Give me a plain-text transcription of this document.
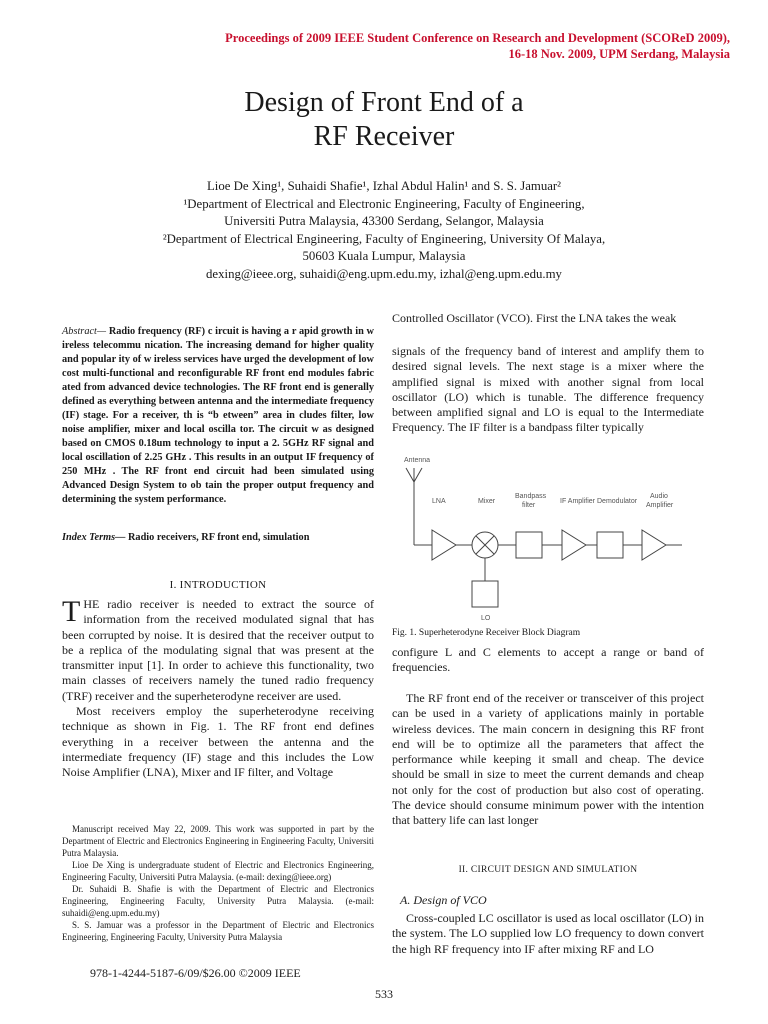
Proceedings of 2009 IEEE Student Conference on Research and Development (SCOReD 2009),
16-18 Nov. 2009, UPM Serdang, Malaysia
Design of Front End of a
RF Receiver
Lioe De Xing¹, Suhaidi Shafie¹, Izhal Abdul Halin¹ and S. S. Jamuar²
¹Department of Electrical and Electronic Engineering, Faculty of Engineering,
Universiti Putra Malaysia, 43300 Serdang, Selangor, Malaysia
²Department of Electrical Engineering, Faculty of Engineering, University Of Malaya,
50603 Kuala Lumpur, Malaysia
dexing@ieee.org, suhaidi@eng.upm.edu.my, izhal@eng.upm.edu.my
Abstract— Radio frequency (RF) c ircuit is having a r apid growth in w ireless telecommu nication. The increasing demand for higher quality and popular ity of w ireless services have urged the development of low cost multi-functional and reconfigurable RF front end modules fabric ated from advanced device technologies. The RF front end is generally defined as everything between antenna and the intermediate frequency (IF) stage. For a receiver, th is “b etween” area in cludes filter, low noise amplifier, mixer and local oscilla tor. The circuit w as designed based on CMOS 0.18um technology to input a 2. 5GHz RF signal and local oscillation of 2.25 GHz . This results in an output IF frequency of 250 MHz . The RF front end circuit had been simulated using Advanced Design System to ob tain the proper output frequency and determining the system performance.
Index Terms— Radio receivers, RF front end, simulation
I. INTRODUCTION

THE radio receiver is needed to extract the source of information from the received modulated signal that has been corrupted by noise. It is desired that the receiver output to be a replica of the modulating signal that was present at the transmitter input [1]. In order to achieve this functionality, two main classes of receivers namely the tuned radio frequency (TRF) receiver and the superheterodyne receiver are used.

Most receivers employ the superheterodyne receiving technique as shown in Fig. 1. The RF front end defines everything in a receiver between the antenna and the intermediate frequency (IF) stage and this includes the Low Noise Amplifier (LNA), Mixer and IF filter, and Voltage

Manuscript received May 22, 2009. This work was supported in part by the Department of Electric and Electronics Engineering in Engineering Faculty, Universiti Putra Malaysia.

Lioe De Xing is undergraduate student of Electric and Electronics Engineering, Engineering Faculty, Universiti Putra Malaysia. (e-mail: dexing@ieee.org)

Dr. Suhaidi B. Shafie is with the Department of Electric and Electronics Engineering, Engineering Faculty, University Putra Malaysia. (e-mail: suhaidi@eng.upm.edu.my)

S. S. Jamuar was a professor in the Department of Electric and Electronics Engineering, Engineering Faculty, University Putra Malaysia

Controlled Oscillator (VCO). First the LNA takes the weak
signals of the frequency band of interest and amplify them to desired signal levels. The next stage is a mixer where the amplified signal is mixed with another signal from local oscillator (LO) which is tunable. The difference frequency between amplified signal and LO is equal to the Intermediate Frequency. The IF filter is a bandpass filter typically
Antenna
LNA	Mixer
Bandpass
filter
IF Amplifier Demodulator
Audio
Amplifier
LO
Fig. 1. Superheterodyne Receiver Block Diagram
configure L and C elements to accept a range or band of frequencies.

The RF front end of the receiver or transceiver of this project can be used in a variety of applications mainly in portable wireless devices. The main concern in designing this RF front end will be to optimize all the parameters that affect the performance while keeping it small and cheap. The device should be small in size to meet the current demands and cheap not only for the cost of production but also cost of operating. The device should consume minimum power with the intention that battery life can last longer

II. CIRCUIT DESIGN AND SIMULATION
A. Design of VCO

Cross-coupled LC oscillator is used as local oscillator (LO) in the system. The LO supplied low LO frequency to down convert the high RF frequency into IF after mixing RF and LO

978-1-4244-5187-6/09/$26.00 ©2009 IEEE
533
